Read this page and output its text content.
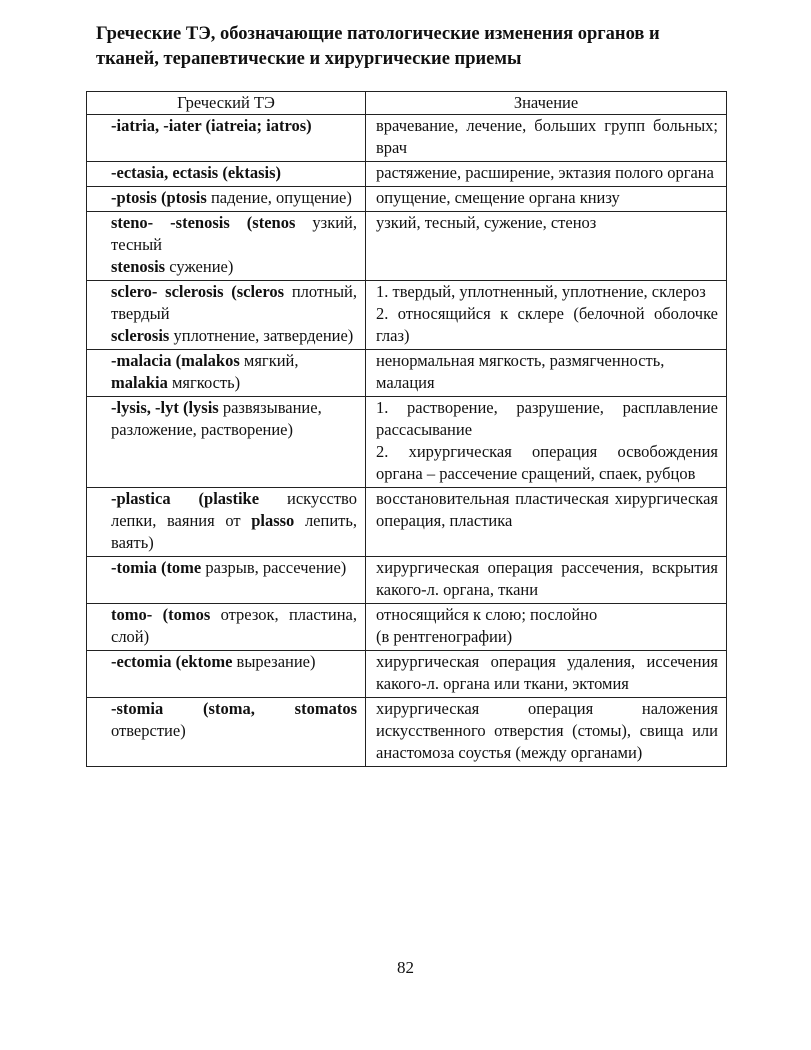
Греческие ТЭ, обозначающие патологические изменения органов и
тканей, терапевтические и хирургические приемы
Греческий ТЭ	Значение
-iatria, -iater (iatreia; iatros)	врачевание, лечение, больших групп больных; врач

-ectasia, ectasis (ektasis)	растяжение, расширение, эктазия полого органа

-ptosis (ptosis падение, опущение)	опущение, смещение органа книзу

steno- -stenosis (stenos узкий, тесный
stenosis сужение)	узкий, тесный, сужение, стеноз

sclero- sclerosis (scleros плотный, твердый
sclerosis уплотнение, затвердение)	1. твердый, уплотненный, уплотнение, склероз
2. относящийся к склере (белочной оболочке глаз)

-malacia (malakos мягкий,
malakia мягкость)	ненормальная мягкость, размягченность,
малация

-lysis, -lyt (lysis развязывание,
разложение, растворение)	1. растворение, разрушение, расплавление рассасывание
2. хирургическая операция освобождения органа – рассечение сращений, спаек, рубцов

-plastica (plastike искусство лепки, ваяния от plasso лепить, ваять)	восстановительная пластическая хирургическая операция, пластика

-tomia (tome разрыв, рассечение)	хирургическая операция рассечения, вскрытия какого-л. органа, ткани

tomo- (tomos отрезок, пластина, слой)	относящийся к слою; послойно
(в рентгенографии)

-ectomia (ektome вырезание)	хирургическая операция удаления, иссечения какого-л. органа или ткани, эктомия

-stomia (stoma, stomatos отверстие)	хирургическая операция наложения искусственного отверстия (стомы), свища или анастомоза соустья (между органами)
82
